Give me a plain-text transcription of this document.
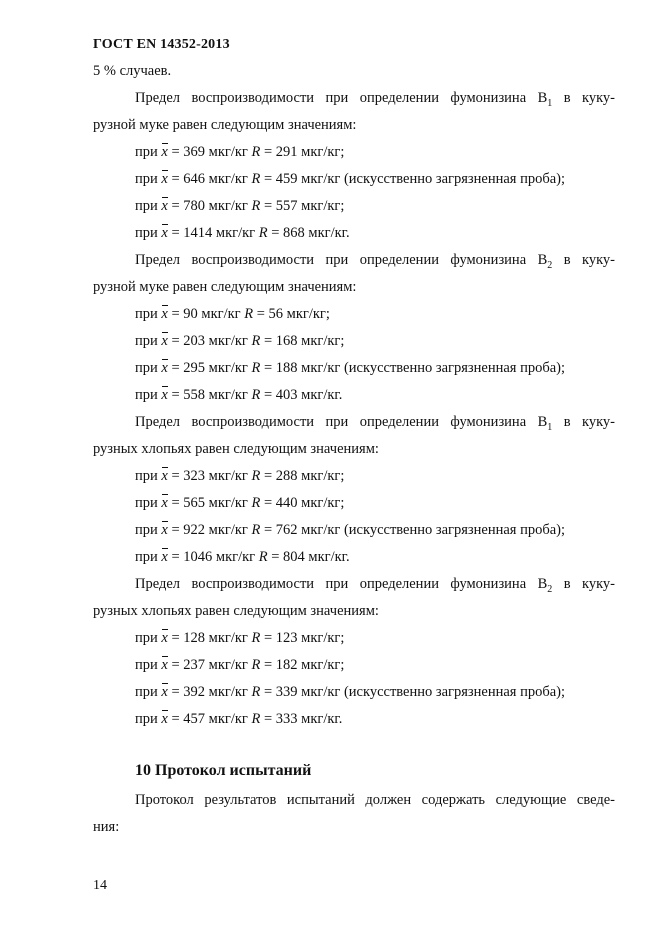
ГОСТ EN 14352-2013
5 % случаев.
Предел воспроизводимости при определении фумонизина $B_1$ в куку-
рузной муке равен следующим значениям:
при x = 369 мкг/кг R = 291 мкг/кг;
при x = 646 мкг/кг R = 459 мкг/кг (искусственно загрязненная проба);
при x = 780 мкг/кг R = 557 мкг/кг;
при x = 1414 мкг/кг R = 868 мкг/кг.
Предел воспроизводимости при определении фумонизина $B_2$ в куку-
рузной муке равен следующим значениям:
при x = 90 мкг/кг R = 56 мкг/кг;
при x = 203 мкг/кг R = 168 мкг/кг;
при x = 295 мкг/кг R = 188 мкг/кг (искусственно загрязненная проба);
при x = 558 мкг/кг R = 403 мкг/кг.
Предел воспроизводимости при определении фумонизина $B_1$ в куку-
рузных хлопьях равен следующим значениям:
при x = 323 мкг/кг R = 288 мкг/кг;
при x = 565 мкг/кг R = 440 мкг/кг;
при x = 922 мкг/кг R = 762 мкг/кг (искусственно загрязненная проба);
при x = 1046 мкг/кг R = 804 мкг/кг.
Предел воспроизводимости при определении фумонизина $B_2$ в куку-
рузных хлопьях равен следующим значениям:
при x = 128 мкг/кг R = 123 мкг/кг;
при x = 237 мкг/кг R = 182 мкг/кг;
при x = 392 мкг/кг R = 339 мкг/кг (искусственно загрязненная проба);
при x = 457 мкг/кг R = 333 мкг/кг.
10 Протокол испытаний
Протокол результатов испытаний должен содержать следующие сведе-
ния:
14
